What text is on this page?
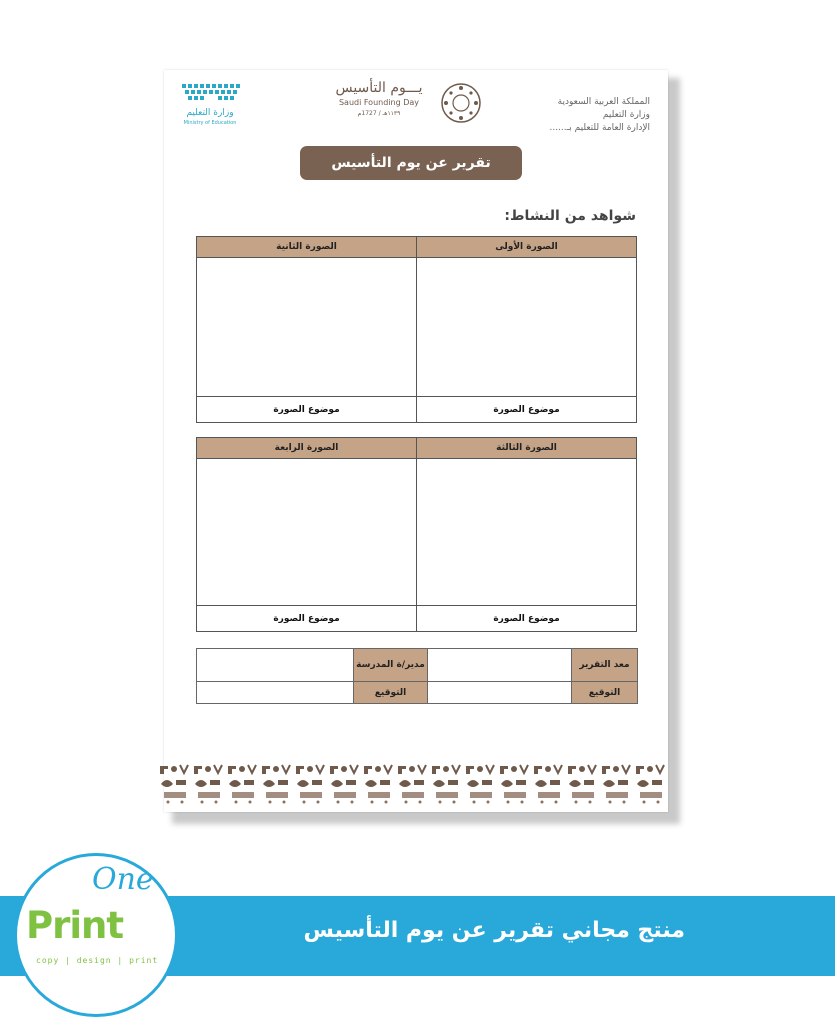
المملكة العربية السعودية
وزارة التعليم
الإدارة العامة للتعليم بـ......
وزارة التعليم
Ministry of Education
يـــوم التأسيس
Saudi Founding Day
١١٣٩هـ / 1727م
تقرير عن يوم التأسيس
شواهد من النشاط:
الصورة الأولى	الصورة الثانية

موضوع الصورة	موضوع الصورة
الصورة الثالثة	الصورة الرابعة

موضوع الصورة	موضوع الصورة
معد التقرير		مدير/ة المدرسة	
التوقيع		التوقيع	
منتج مجاني تقرير عن يوم التأسيس
One
Print
copy | design | print
